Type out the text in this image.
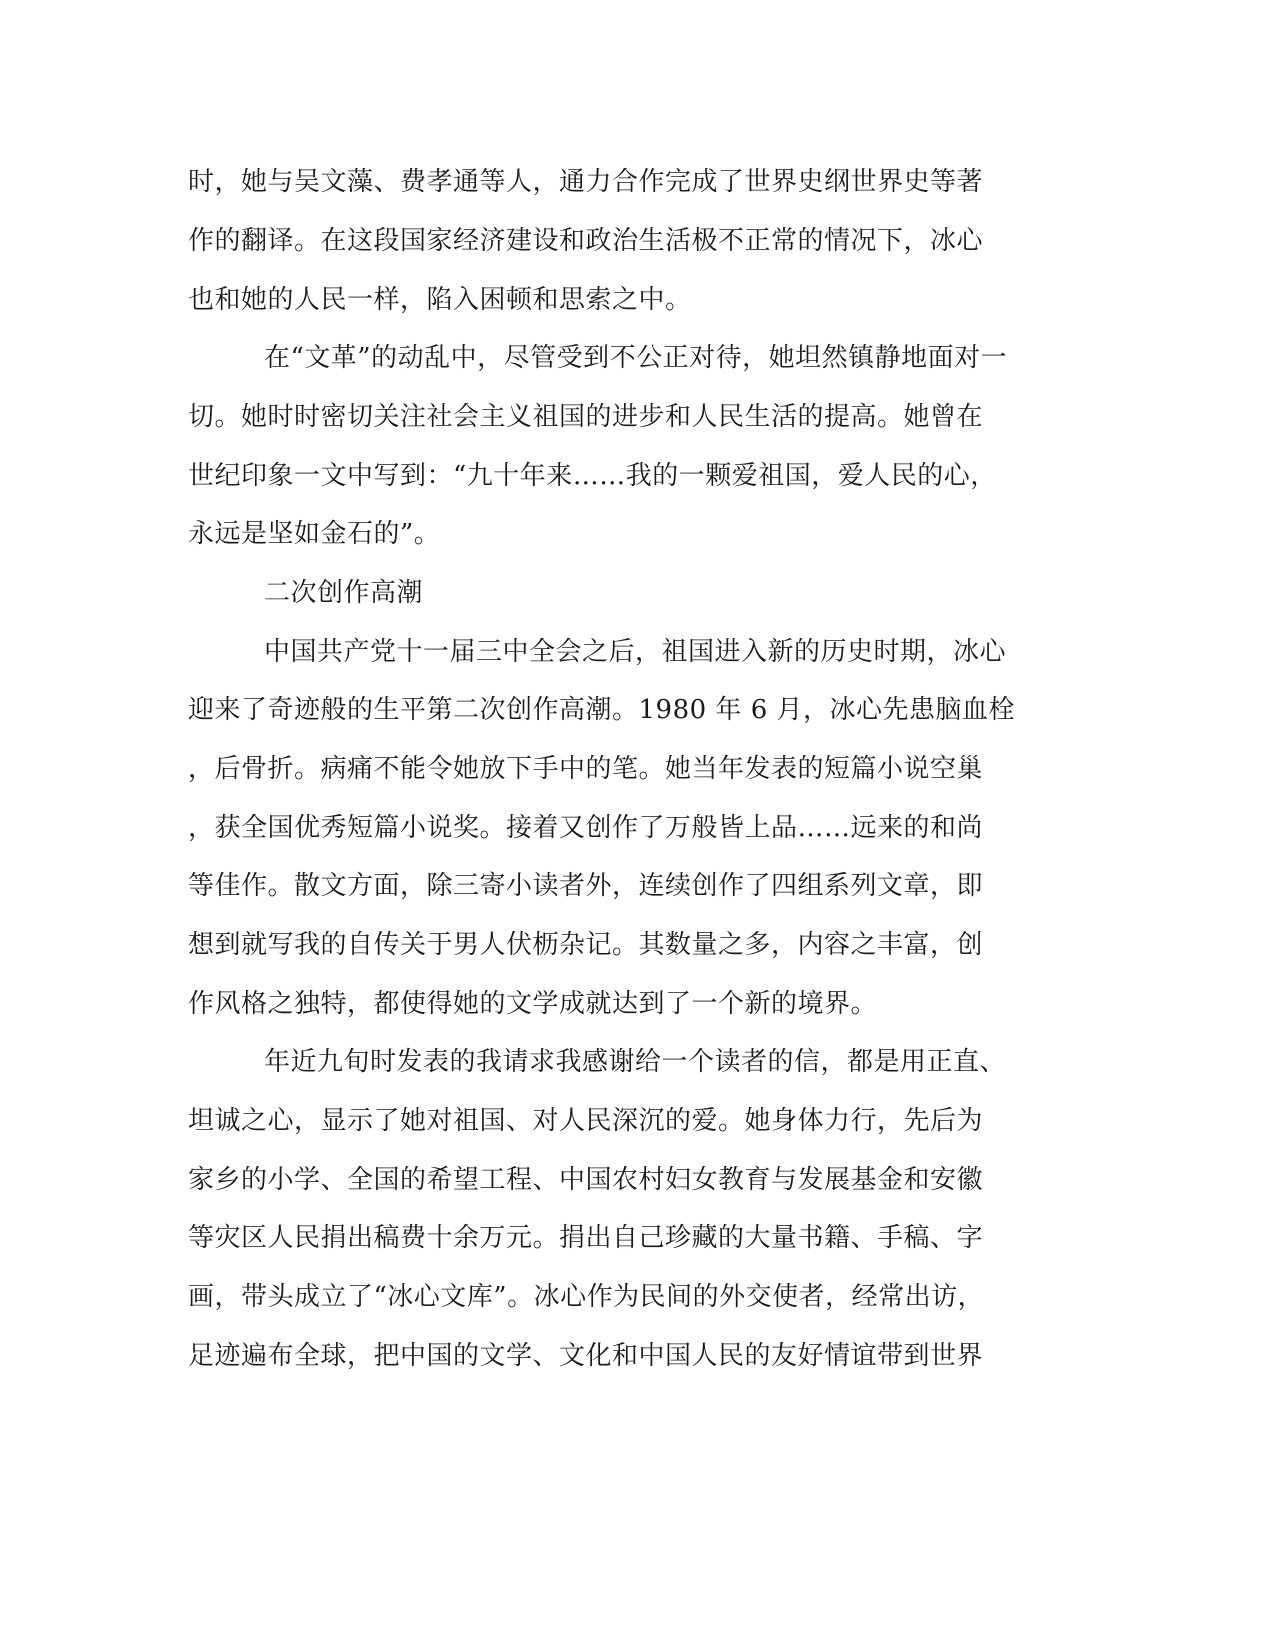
时，她与吴文藻、费孝通等人，通力合作完成了世界史纲世界史等著
作的翻译。在这段国家经济建设和政治生活极不正常的情况下，冰心
也和她的人民一样，陷入困顿和思索之中。
在“文革”的动乱中，尽管受到不公正对待，她坦然镇静地面对一
切。她时时密切关注社会主义祖国的进步和人民生活的提高。她曾在
世纪印象一文中写到：“九十年来……我的一颗爱祖国，爱人民的心，
永远是坚如金石的”。
二次创作高潮
中国共产党十一届三中全会之后，祖国进入新的历史时期，冰心
迎来了奇迹般的生平第二次创作高潮。1980 年 6 月，冰心先患脑血栓
，后骨折。病痛不能令她放下手中的笔。她当年发表的短篇小说空巢
，获全国优秀短篇小说奖。接着又创作了万般皆上品……远来的和尚
等佳作。散文方面，除三寄小读者外，连续创作了四组系列文章，即
想到就写我的自传关于男人伏枥杂记。其数量之多，内容之丰富，创
作风格之独特，都使得她的文学成就达到了一个新的境界。
年近九旬时发表的我请求我感谢给一个读者的信，都是用正直、
坦诚之心，显示了她对祖国、对人民深沉的爱。她身体力行，先后为
家乡的小学、全国的希望工程、中国农村妇女教育与发展基金和安徽
等灾区人民捐出稿费十余万元。捐出自己珍藏的大量书籍、手稿、字
画，带头成立了“冰心文库”。冰心作为民间的外交使者，经常出访，
足迹遍布全球，把中国的文学、文化和中国人民的友好情谊带到世界
